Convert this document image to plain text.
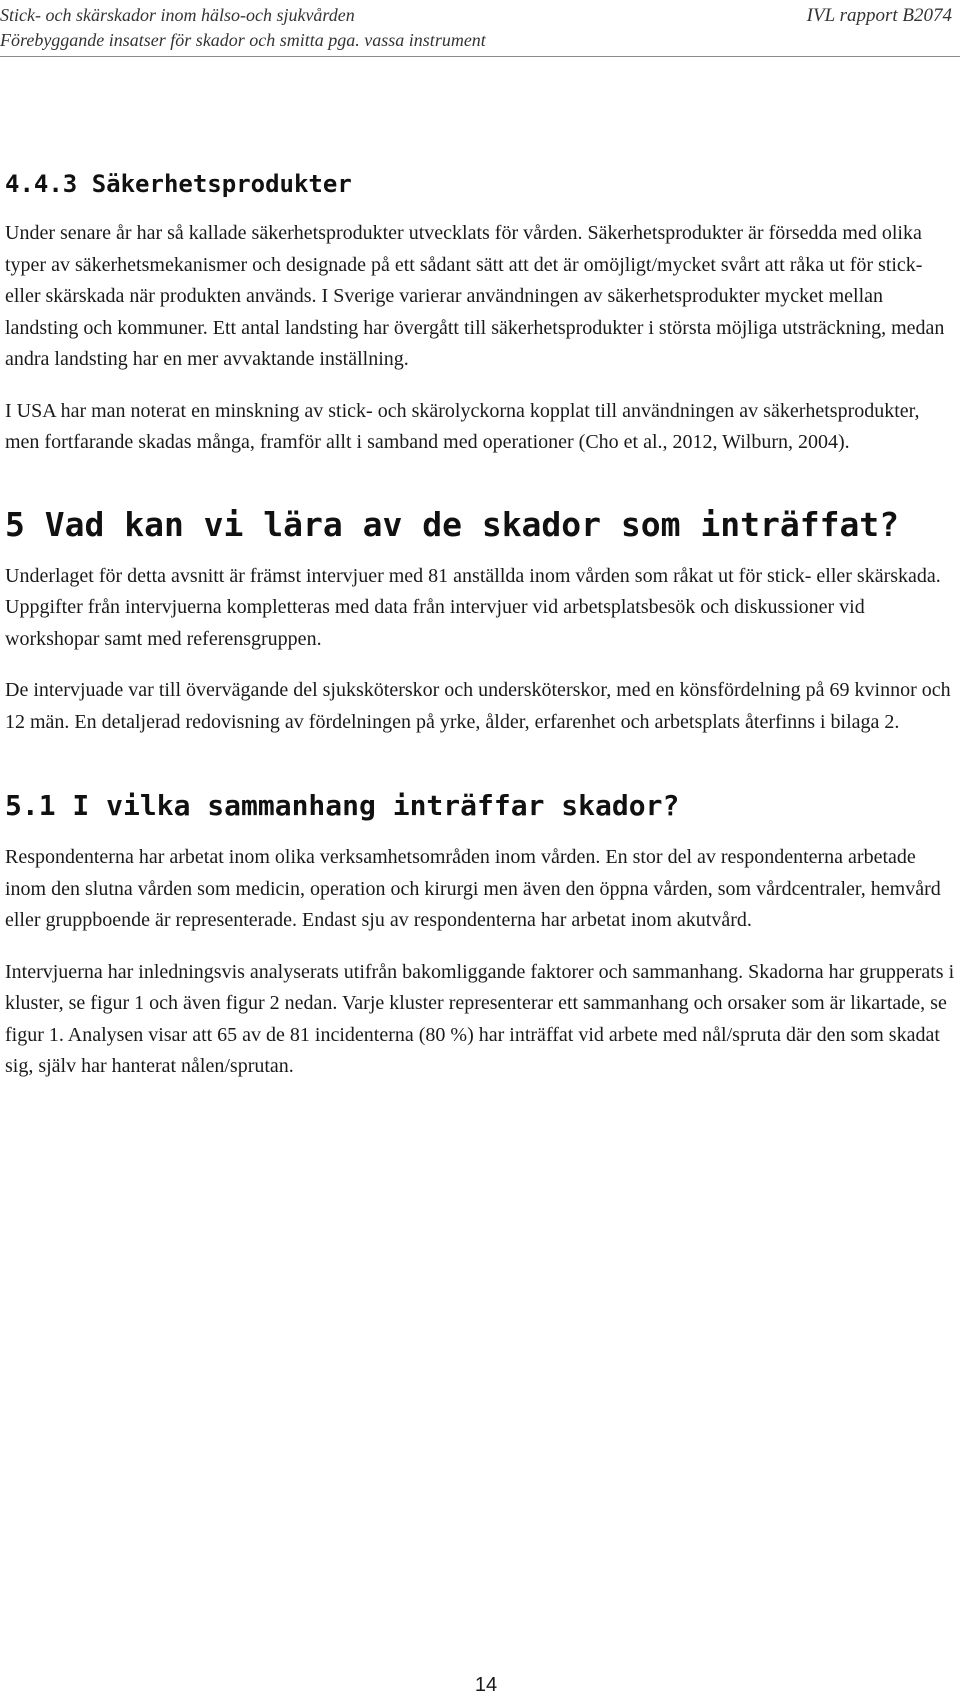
Stick- och skärskador inom hälso-och sjukvården
Förebyggande insatser för skador och smitta pga. vassa instrument
IVL rapport B2074
4.4.3 Säkerhetsprodukter

Under senare år har så kallade säkerhetsprodukter utvecklats för vården. Säkerhetsprodukter är försedda med olika typer av säkerhetsmekanismer och designade på ett sådant sätt att det är omöjligt/mycket svårt att råka ut för stick- eller skärskada när produkten används. I Sverige varierar användningen av säkerhetsprodukter mycket mellan landsting och kommuner. Ett antal landsting har övergått till säkerhetsprodukter i största möjliga utsträckning, medan andra landsting har en mer avvaktande inställning.

I USA har man noterat en minskning av stick- och skärolyckorna kopplat till användningen av säkerhetsprodukter, men fortfarande skadas många, framför allt i samband med operationer (Cho et al., 2012, Wilburn, 2004).

5 Vad kan vi lära av de skador som inträffat?

Underlaget för detta avsnitt är främst intervjuer med 81 anställda inom vården som råkat ut för stick- eller skärskada. Uppgifter från intervjuerna kompletteras med data från intervjuer vid arbetsplatsbesök och diskussioner vid workshopar samt med referensgruppen.

De intervjuade var till övervägande del sjuksköterskor och undersköterskor, med en könsfördelning på 69 kvinnor och 12 män. En detaljerad redovisning av fördelningen på yrke, ålder, erfarenhet och arbetsplats återfinns i bilaga 2.

5.1 I vilka sammanhang inträffar skador?

Respondenterna har arbetat inom olika verksamhetsområden inom vården. En stor del av respondenterna arbetade inom den slutna vården som medicin, operation och kirurgi men även den öppna vården, som vårdcentraler, hemvård eller gruppboende är representerade. Endast sju av respondenterna har arbetat inom akutvård.

Intervjuerna har inledningsvis analyserats utifrån bakomliggande faktorer och sammanhang. Skadorna har grupperats i kluster, se figur 1 och även figur 2 nedan. Varje kluster representerar ett sammanhang och orsaker som är likartade, se figur 1. Analysen visar att 65 av de 81 incidenterna (80 %) har inträffat vid arbete med nål/spruta där den som skadat sig, själv har hanterat nålen/sprutan.

14
